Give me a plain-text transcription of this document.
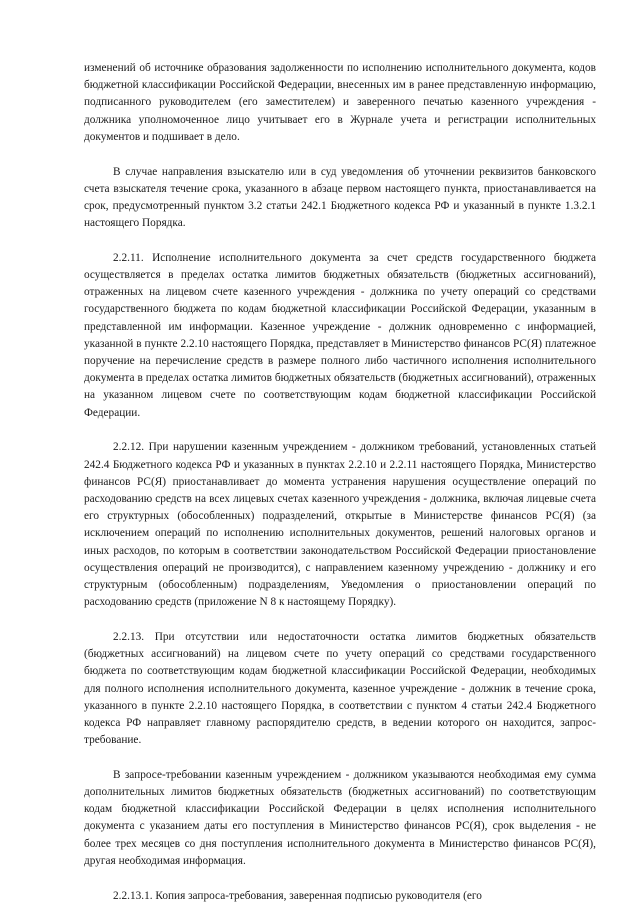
изменений об источнике образования задолженности по исполнению исполнительного документа, кодов бюджетной классификации Российской Федерации, внесенных им в ранее представленную информацию, подписанного руководителем (его заместителем) и заверенного печатью казенного учреждения - должника уполномоченное лицо учитывает его в Журнале учета и регистрации исполнительных документов и подшивает в дело.

В случае направления взыскателю или в суд уведомления об уточнении реквизитов банковского счета взыскателя течение срока, указанного в абзаце первом настоящего пункта, приостанавливается на срок, предусмотренный пунктом 3.2 статьи 242.1 Бюджетного кодекса РФ и указанный в пункте 1.3.2.1 настоящего Порядка.

2.2.11. Исполнение исполнительного документа за счет средств государственного бюджета осуществляется в пределах остатка лимитов бюджетных обязательств (бюджетных ассигнований), отраженных на лицевом счете казенного учреждения - должника по учету операций со средствами государственного бюджета по кодам бюджетной классификации Российской Федерации, указанным в представленной им информации. Казенное учреждение - должник одновременно с информацией, указанной в пункте 2.2.10 настоящего Порядка, представляет в Министерство финансов РС(Я) платежное поручение на перечисление средств в размере полного либо частичного исполнения исполнительного документа в пределах остатка лимитов бюджетных обязательств (бюджетных ассигнований), отраженных на указанном лицевом счете по соответствующим кодам бюджетной классификации Российской Федерации.

2.2.12. При нарушении казенным учреждением - должником требований, установленных статьей 242.4 Бюджетного кодекса РФ и указанных в пунктах 2.2.10 и 2.2.11 настоящего Порядка, Министерство финансов РС(Я) приостанавливает до момента устранения нарушения осуществление операций по расходованию средств на всех лицевых счетах казенного учреждения - должника, включая лицевые счета его структурных (обособленных) подразделений, открытые в Министерстве финансов РС(Я) (за исключением операций по исполнению исполнительных документов, решений налоговых органов и иных расходов, по которым в соответствии законодательством Российской Федерации приостановление осуществления операций не производится), с направлением казенному учреждению - должнику и его структурным (обособленным) подразделениям, Уведомления о приостановлении операций по расходованию средств (приложение N 8 к настоящему Порядку).

2.2.13. При отсутствии или недостаточности остатка лимитов бюджетных обязательств (бюджетных ассигнований) на лицевом счете по учету операций со средствами государственного бюджета по соответствующим кодам бюджетной классификации Российской Федерации, необходимых для полного исполнения исполнительного документа, казенное учреждение - должник в течение срока, указанного в пункте 2.2.10 настоящего Порядка, в соответствии с пунктом 4 статьи 242.4 Бюджетного кодекса РФ направляет главному распорядителю средств, в ведении которого он находится, запрос-требование.

В запросе-требовании казенным учреждением - должником указываются необходимая ему сумма дополнительных лимитов бюджетных обязательств (бюджетных ассигнований) по соответствующим кодам бюджетной классификации Российской Федерации в целях исполнения исполнительного документа с указанием даты его поступления в Министерство финансов РС(Я), срок выделения - не более трех месяцев со дня поступления исполнительного документа в Министерство финансов РС(Я), другая необходимая информация.

2.2.13.1. Копия запроса-требования, заверенная подписью руководителя (его
